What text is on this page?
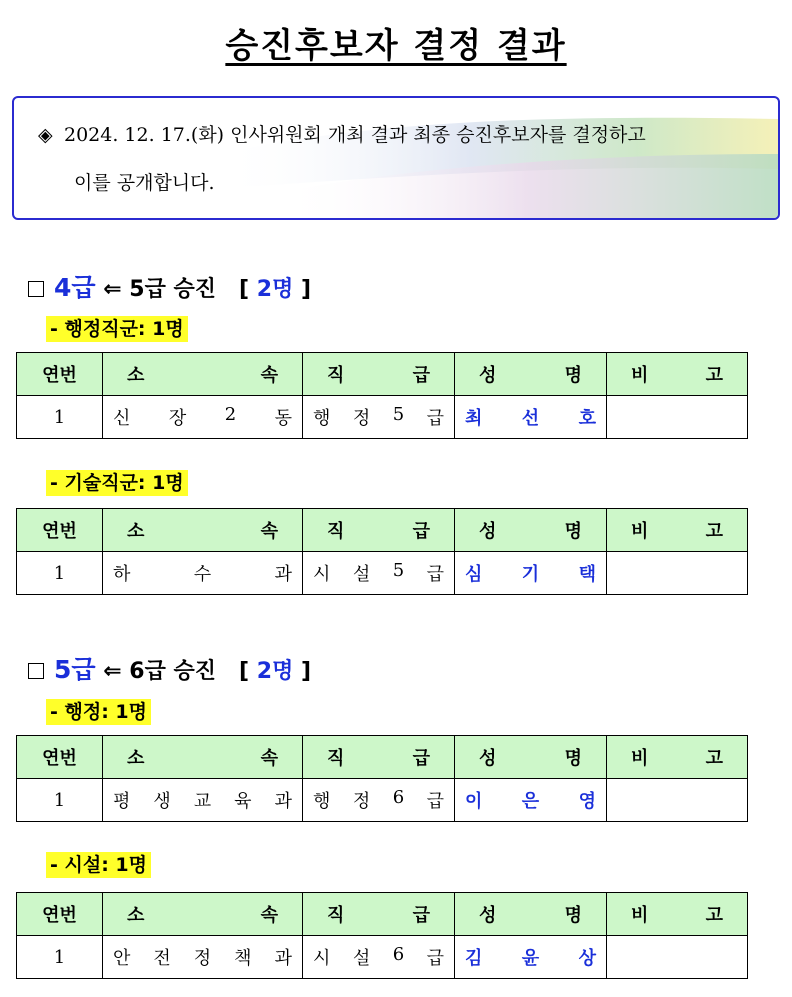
승진후보자 결정 결과
◈ 2024. 12. 17.(화) 인사위원회 개최 결과 최종 승진후보자를 결정하고
이를 공개합니다.
4급 ⇐ 5급 승진 [ 2명 ]
- 행정직군: 1명
연번	소 속	직 급	성 명	비 고

1	신 장 2 동	행 정 5 급	최 선 호	

- 기술직군: 1명
연번	소 속	직 급	성 명	비 고

1	하 수 과	시 설 5 급	심 기 택	

5급 ⇐ 6급 승진 [ 2명 ]
- 행정: 1명
연번	소 속	직 급	성 명	비 고

1	평 생 교 육 과	행 정 6 급	이 은 영	

- 시설: 1명
연번	소 속	직 급	성 명	비 고

1	안 전 정 책 과	시 설 6 급	김 윤 상	
